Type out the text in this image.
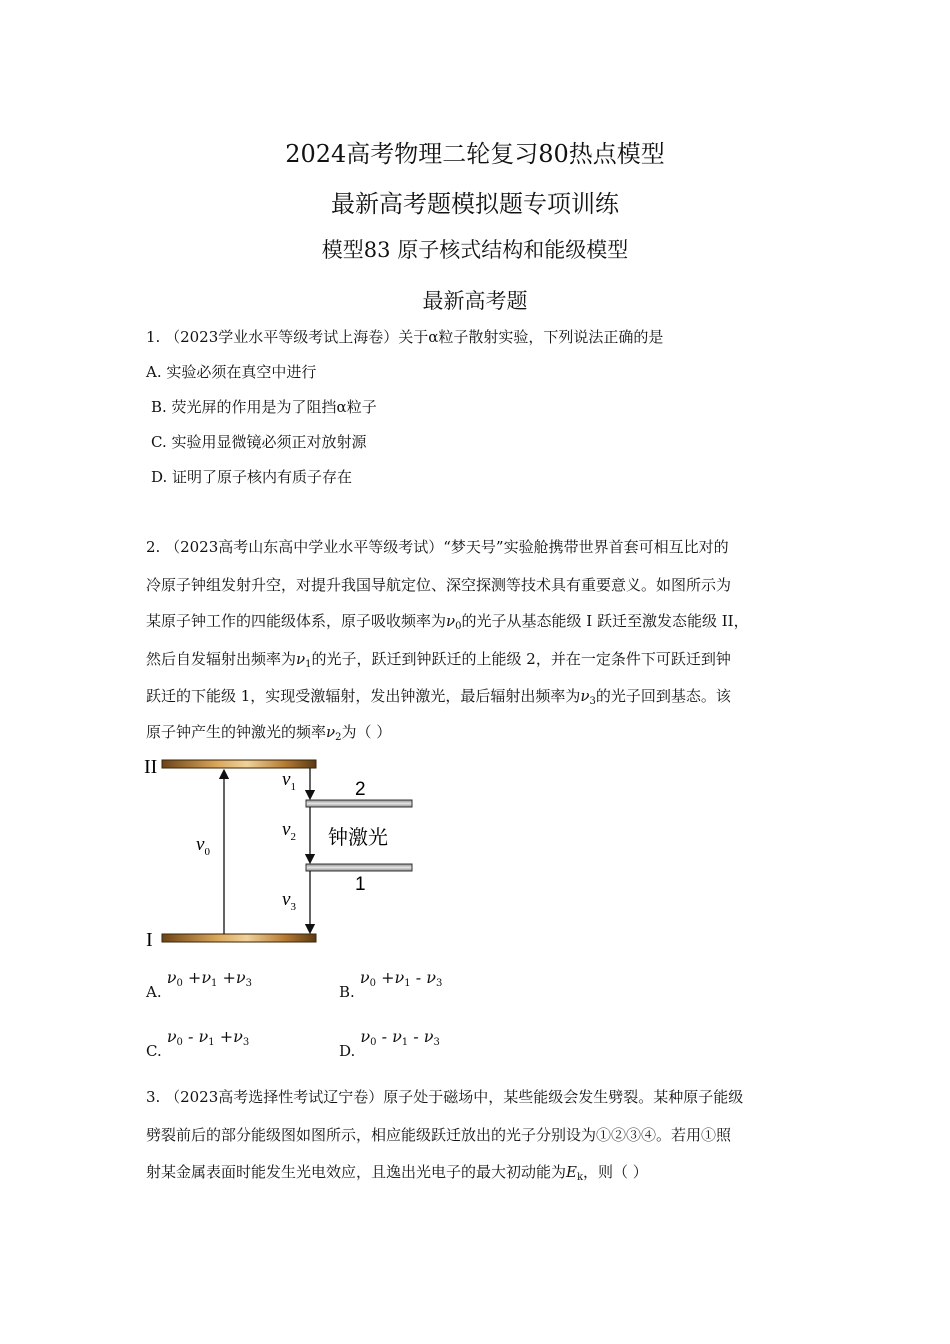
2024高考物理二轮复习80热点模型
最新高考题模拟题专项训练
模型83 原子核式结构和能级模型
最新高考题
1. （2023学业水平等级考试上海卷）关于α粒子散射实验，下列说法正确的是
A. 实验必须在真空中进行
B. 荧光屏的作用是为了阻挡α粒子
C. 实验用显微镜必须正对放射源
D. 证明了原子核内有质子存在
2. （2023高考山东高中学业水平等级考试）“梦天号”实验舱携带世界首套可相互比对的
冷原子钟组发射升空，对提升我国导航定位、深空探测等技术具有重要意义。如图所示为
某原子钟工作的四能级体系，原子吸收频率为$\nu_0$的光子从基态能级 I 跃迁至激发态能级 II，
然后自发辐射出频率为$\nu_1$的光子，跃迁到钟跃迁的上能级 2，并在一定条件下可跃迁到钟
跃迁的下能级 1，实现受激辐射，发出钟激光，最后辐射出频率为$\nu_3$的光子回到基态。该
原子钟产生的钟激光的频率$\nu_2$为（ ）
II
I
2
1
钟激光
$\nu_0$
$\nu_1$
$\nu_2$
$\nu_3$
A. ν0 +ν1 +ν3	B. ν0 +ν1 - ν3
C. ν0 - ν1 +ν3	D. ν0 - ν1 - ν3
3. （2023高考选择性考试辽宁卷）原子处于磁场中，某些能级会发生劈裂。某种原子能级
劈裂前后的部分能级图如图所示，相应能级跃迁放出的光子分别设为①②③④。若用①照
射某金属表面时能发生光电效应，且逸出光电子的最大初动能为$E_k$，则（ ）
